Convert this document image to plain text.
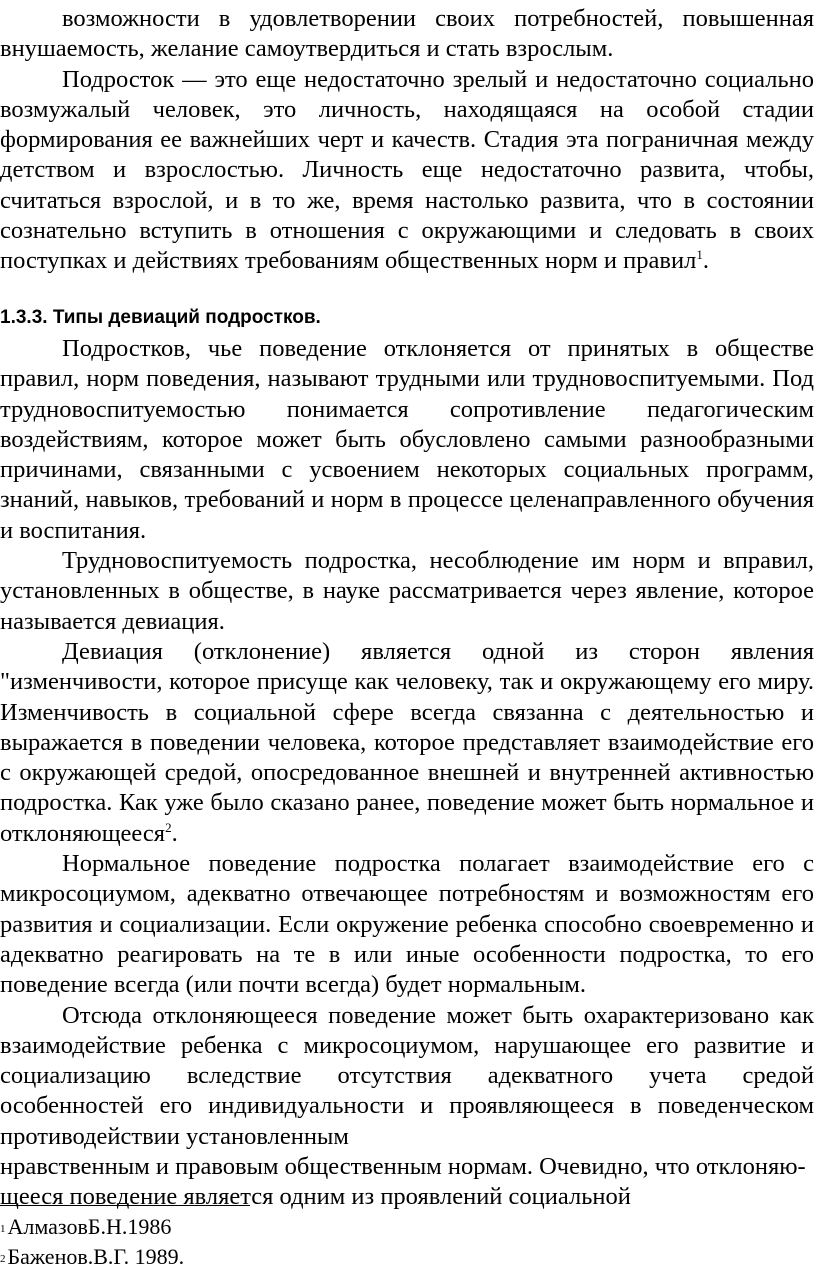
возможности в удовлетворении своих потребностей, повышенная внушаемость, желание самоутвердиться и стать взрослым.

Подросток — это еще недостаточно зрелый и недостаточно социально возмужалый человек, это личность, находящаяся на особой стадии формирования ее важнейших черт и качеств. Стадия эта пограничная между детством и взрослостью. Личность еще недостаточно развита, чтобы, считаться взрослой, и в то же, время настолько развита, что в состоянии сознательно вступить в отношения с окружающими и следовать в своих поступках и действиях требованиям общественных норм и правил$^1$.

1.3.3. Типы девиаций подростков.

Подростков, чье поведение отклоняется от принятых в обществе правил, норм поведения, называют трудными или трудновоспитуемыми. Под трудновоспитуемостью понимается сопротивление педагогическим воздействиям, которое может быть обусловлено самыми разнообразными причинами, связанными с усвоением некоторых социальных программ, знаний, навыков, требований и норм в процессе целенаправленного обучения и воспитания.

Трудновоспитуемость подростка, несоблюдение им норм и вправил, установленных в обществе, в науке рассматривается через явление, которое называется девиация.

Девиация (отклонение) является одной из сторон явления "изменчивости, которое присуще как человеку, так и окружающему его миру. Изменчивость в социальной сфере всегда связанна с деятельностью и выражается в поведении человека, которое представляет взаимодействие его с окружающей средой, опосредованное внешней и внутренней активностью подростка. Как уже было сказано ранее, поведение может быть нормальное и отклоняющееся$^2$.

Нормальное поведение подростка полагает взаимодействие его с микросоциумом, адекватно отвечающее потребностям и возможностям его развития и социализации. Если окружение ребенка способно своевременно и адекватно реагировать на те в или иные особенности подростка, то его поведение всегда (или почти всегда) будет нормальным.

Отсюда отклоняющееся поведение может быть охарактеризовано как взаимодействие ребенка с микросоциумом, нарушающее его развитие и социализацию вследствие отсутствия адекватного учета средой особенностей его индивидуальности и проявляющееся в поведенческом противодействии установленным

нравственным и правовым общественным нормам. Очевидно, что отклоняю-щееся поведение является одним из проявлений социальной

1АлмазовБ.Н.1986

2Баженов.В.Г. 1989.
